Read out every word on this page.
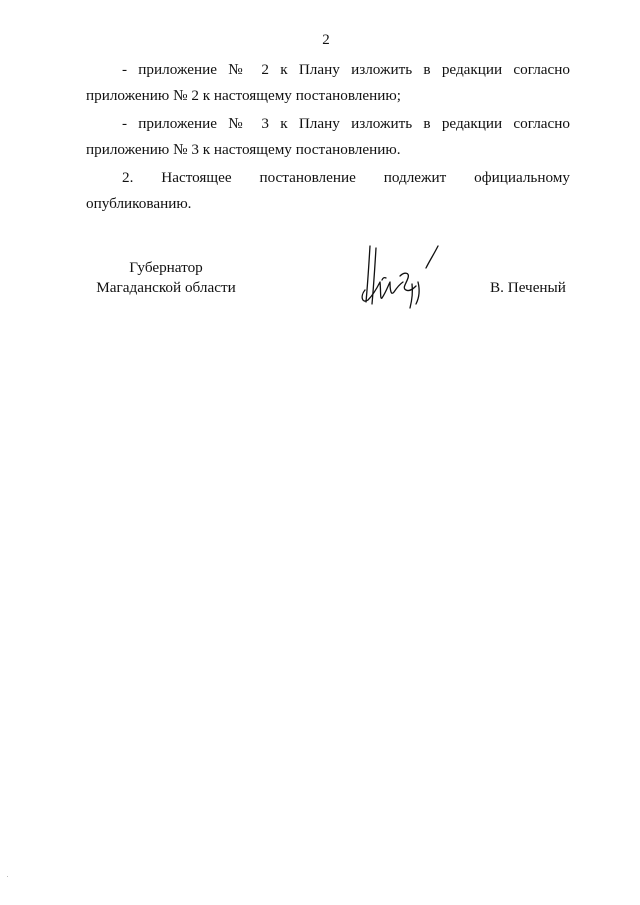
2

- приложение № 2 к Плану изложить в редакции согласно
приложению № 2 к настоящему постановлению;

- приложение № 3 к Плану изложить в редакции согласно
приложению № 3 к настоящему постановлению.

2. Настоящее постановление подлежит официальному
опубликованию.

Губернатор
Магаданской области	В. Печеный
